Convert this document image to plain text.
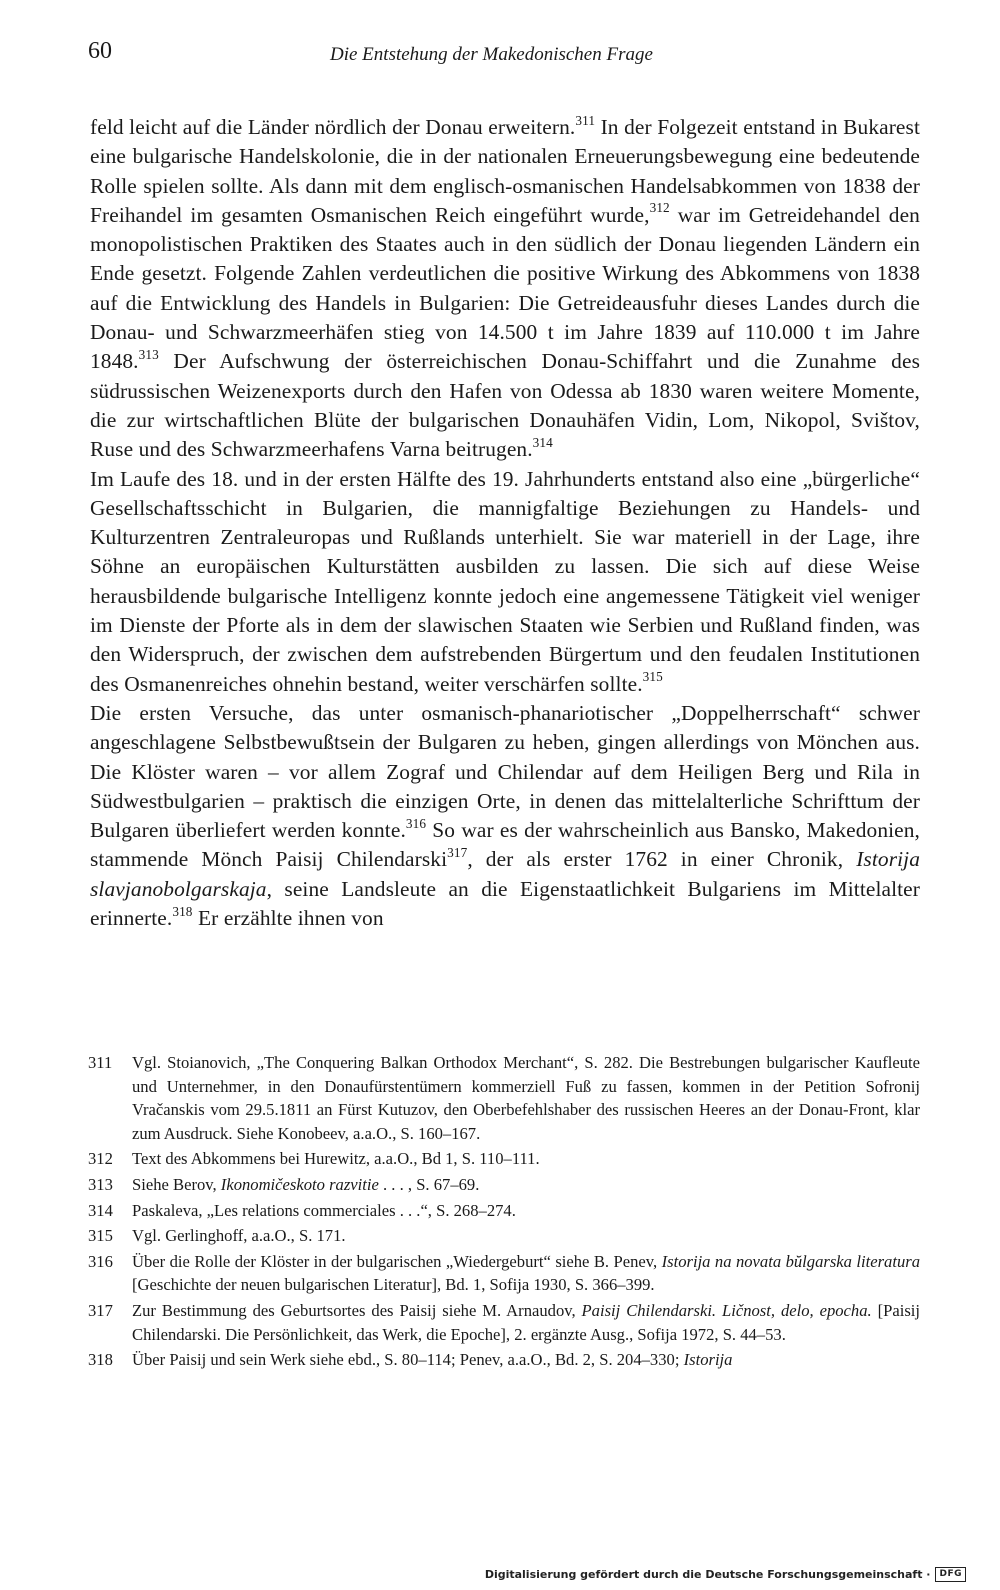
60	Die Entstehung der Makedonischen Frage

feld leicht auf die Länder nördlich der Donau erweitern.$^{311}$ In der Folgezeit entstand in Bukarest eine bulgarische Handelskolonie, die in der nationalen Erneuerungsbewegung eine bedeutende Rolle spielen sollte. Als dann mit dem englisch-osmanischen Handelsabkommen von 1838 der Freihandel im gesamten Osmanischen Reich eingeführt wurde,$^{312}$ war im Getreidehandel den monopolistischen Praktiken des Staates auch in den südlich der Donau liegenden Ländern ein Ende gesetzt. Folgende Zahlen verdeutlichen die positive Wirkung des Abkommens von 1838 auf die Entwicklung des Handels in Bulgarien: Die Getreideausfuhr dieses Landes durch die Donau- und Schwarzmeerhäfen stieg von 14.500 t im Jahre 1839 auf 110.000 t im Jahre 1848.$^{313}$ Der Aufschwung der österreichischen Donau-Schiffahrt und die Zunahme des südrussischen Weizenexports durch den Hafen von Odessa ab 1830 waren weitere Momente, die zur wirtschaftlichen Blüte der bulgarischen Donauhäfen Vidin, Lom, Nikopol, Svištov, Ruse und des Schwarzmeerhafens Varna beitrugen.$^{314}$

Im Laufe des 18. und in der ersten Hälfte des 19. Jahrhunderts entstand also eine „bürgerliche“ Gesellschaftsschicht in Bulgarien, die mannigfaltige Beziehungen zu Handels- und Kulturzentren Zentraleuropas und Rußlands unterhielt. Sie war materiell in der Lage, ihre Söhne an europäischen Kulturstätten ausbilden zu lassen. Die sich auf diese Weise herausbildende bulgarische Intelligenz konnte jedoch eine angemessene Tätigkeit viel weniger im Dienste der Pforte als in dem der slawischen Staaten wie Serbien und Rußland finden, was den Widerspruch, der zwischen dem aufstrebenden Bürgertum und den feudalen Institutionen des Osmanenreiches ohnehin bestand, weiter verschärfen sollte.$^{315}$

Die ersten Versuche, das unter osmanisch-phanariotischer „Doppelherrschaft“ schwer angeschlagene Selbstbewußtsein der Bulgaren zu heben, gingen allerdings von Mönchen aus. Die Klöster waren – vor allem Zograf und Chilendar auf dem Heiligen Berg und Rila in Südwestbulgarien – praktisch die einzigen Orte, in denen das mittelalterliche Schrifttum der Bulgaren überliefert werden konnte.$^{316}$ So war es der wahrscheinlich aus Bansko, Makedonien, stammende Mönch Paisij Chilendarski$^{317}$, der als erster 1762 in einer Chronik, Istorija slavjanobolgarskaja, seine Landsleute an die Eigenstaatlichkeit Bulgariens im Mittelalter erinnerte.$^{318}$ Er erzählte ihnen von

311 Vgl. Stoianovich, „The Conquering Balkan Orthodox Merchant“, S. 282. Die Bestrebungen bulgarischer Kaufleute und Unternehmer, in den Donaufürstentümern kommerziell Fuß zu fassen, kommen in der Petition Sofronij Vračanskis vom 29.5.1811 an Fürst Kutuzov, den Oberbefehlshaber des russischen Heeres an der Donau-Front, klar zum Ausdruck. Siehe Konobeev, a.a.O., S. 160–167.
312 Text des Abkommens bei Hurewitz, a.a.O., Bd 1, S. 110–111.
313 Siehe Berov, Ikonomičeskoto razvitie . . . , S. 67–69.
314 Paskaleva, „Les relations commerciales . . .“, S. 268–274.
315 Vgl. Gerlinghoff, a.a.O., S. 171.
316 Über die Rolle der Klöster in der bulgarischen „Wiedergeburt“ siehe B. Penev, Istorija na novata bŭlgarska literatura [Geschichte der neuen bulgarischen Literatur], Bd. 1, Sofija 1930, S. 366–399.
317 Zur Bestimmung des Geburtsortes des Paisij siehe M. Arnaudov, Paisij Chilendarski. Ličnost, delo, epocha. [Paisij Chilendarski. Die Persönlichkeit, das Werk, die Epoche], 2. ergänzte Ausg., Sofija 1972, S. 44–53.
318 Über Paisij und sein Werk siehe ebd., S. 80–114; Penev, a.a.O., Bd. 2, S. 204–330; Istorija
Digitalisierung gefördert durch die Deutsche Forschungsgemeinschaft ·	DFG
